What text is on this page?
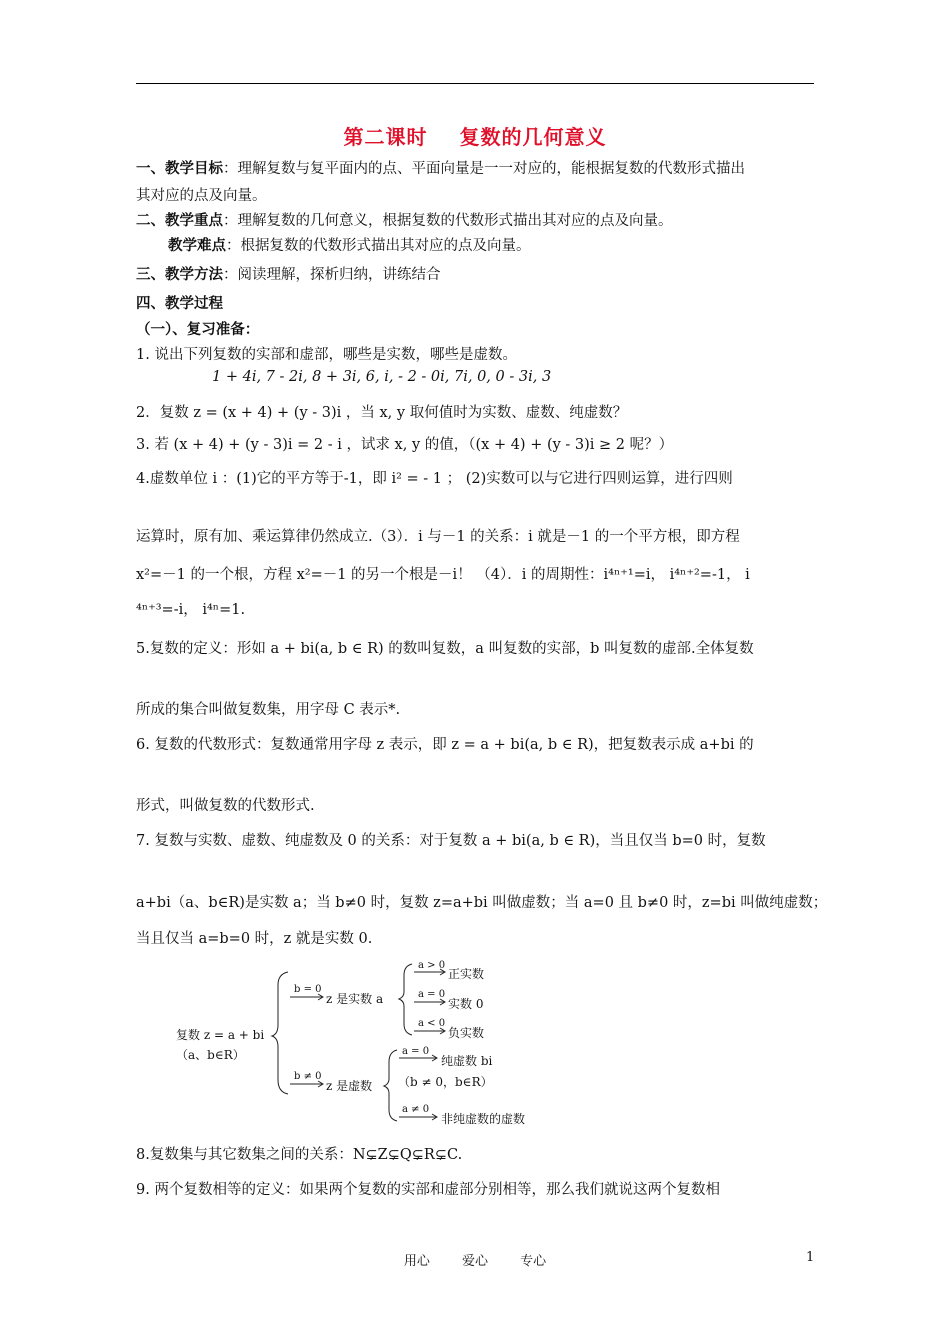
第二课时 复数的几何意义
一、教学目标：理解复数与复平面内的点、平面向量是一一对应的，能根据复数的代数形式描出
其对应的点及向量。
二、教学重点：理解复数的几何意义，根据复数的代数形式描出其对应的点及向量。
教学难点：根据复数的代数形式描出其对应的点及向量。
三、教学方法：阅读理解，探析归纳，讲练结合
四、教学过程
（一）、复习准备：
1. 说出下列复数的实部和虚部，哪些是实数，哪些是虚数。
1 + 4i, 7 - 2i, 8 + 3i, 6, i, - 2 - 0i, 7i, 0, 0 - 3i, 3
2．复数 z = (x + 4) + (y - 3)i ，当 x, y 取何值时为实数、虚数、纯虚数？
3. 若 (x + 4) + (y - 3)i = 2 - i ，试求 x, y 的值，（(x + 4) + (y - 3)i ≥ 2 呢？）
4.虚数单位 i ：(1)它的平方等于-1，即 i² = - 1 ； (2)实数可以与它进行四则运算，进行四则
运算时，原有加、乘运算律仍然成立.（3）．i 与－1 的关系：i 就是－1 的一个平方根，即方程
x²=－1 的一个根，方程 x²=－1 的另一个根是－i！ （4）．i 的周期性：i⁴ⁿ⁺¹=i， i⁴ⁿ⁺²=-1， i
⁴ⁿ⁺³=-i， i⁴ⁿ=1.
5.复数的定义：形如 a + bi(a, b ∈ R) 的数叫复数，a 叫复数的实部，b 叫复数的虚部.全体复数
所成的集合叫做复数集，用字母 C 表示*.
6. 复数的代数形式：复数通常用字母 z 表示，即 z = a + bi(a, b ∈ R)，把复数表示成 a+bi 的
形式，叫做复数的代数形式.
7. 复数与实数、虚数、纯虚数及 0 的关系：对于复数 a + bi(a, b ∈ R)，当且仅当 b=0 时，复数
a+bi（a、b∈R)是实数 a；当 b≠0 时，复数 z=a+bi 叫做虚数；当 a=0 且 b≠0 时，z=bi 叫做纯虚数；
当且仅当 a=b=0 时，z 就是实数 0.
复数 z = a + bi
（a、b∈R）
b = 0
z 是实数 a
a > 0
正实数
a = 0
实数 0
a < 0
负实数
b ≠ 0
z 是虚数
a = 0
纯虚数 bi
（b ≠ 0，b∈R）
a ≠ 0
非纯虚数的虚数
8.复数集与其它数集之间的关系：N⊊Z⊊Q⊊R⊊C.
9. 两个复数相等的定义：如果两个复数的实部和虚部分别相等，那么我们就说这两个复数相
用心 爱心 专心	1
